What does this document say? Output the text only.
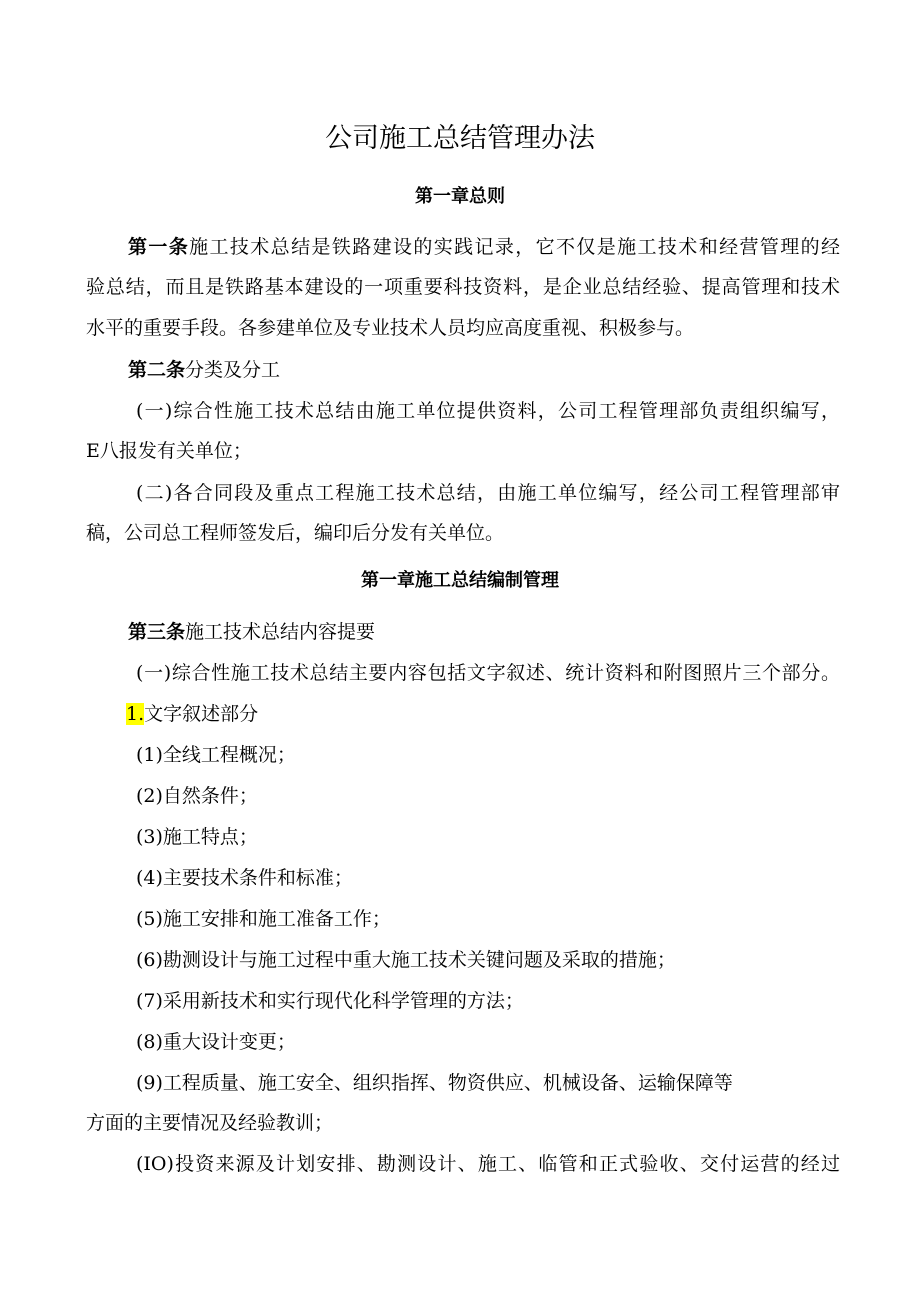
公司施工总结管理办法
第一章总则
第一条施工技术总结是铁路建设的实践记录，它不仅是施工技术和经营管理的经
验总结，而且是铁路基本建设的一项重要科技资料，是企业总结经验、提高管理和技术
水平的重要手段。各参建单位及专业技术人员均应高度重视、积极参与。
第二条分类及分工
(一)综合性施工技术总结由施工单位提供资料，公司工程管理部负责组织编写，
E八报发有关单位；
(二)各合同段及重点工程施工技术总结，由施工单位编写，经公司工程管理部审
稿，公司总工程师签发后，编印后分发有关单位。
第一章施工总结编制管理
第三条施工技术总结内容提要
(一)综合性施工技术总结主要内容包括文字叙述、统计资料和附图照片三个部分。
1.文字叙述部分
(1)全线工程概况；
(2)自然条件；
(3)施工特点；
(4)主要技术条件和标准；
(5)施工安排和施工准备工作；
(6)勘测设计与施工过程中重大施工技术关键问题及采取的措施；
(7)采用新技术和实行现代化科学管理的方法；
(8)重大设计变更；
(9)工程质量、施工安全、组织指挥、物资供应、机械设备、运输保障等
方面的主要情况及经验教训；
(IO)投资来源及计划安排、勘测设计、施工、临管和正式验收、交付运营的经过
